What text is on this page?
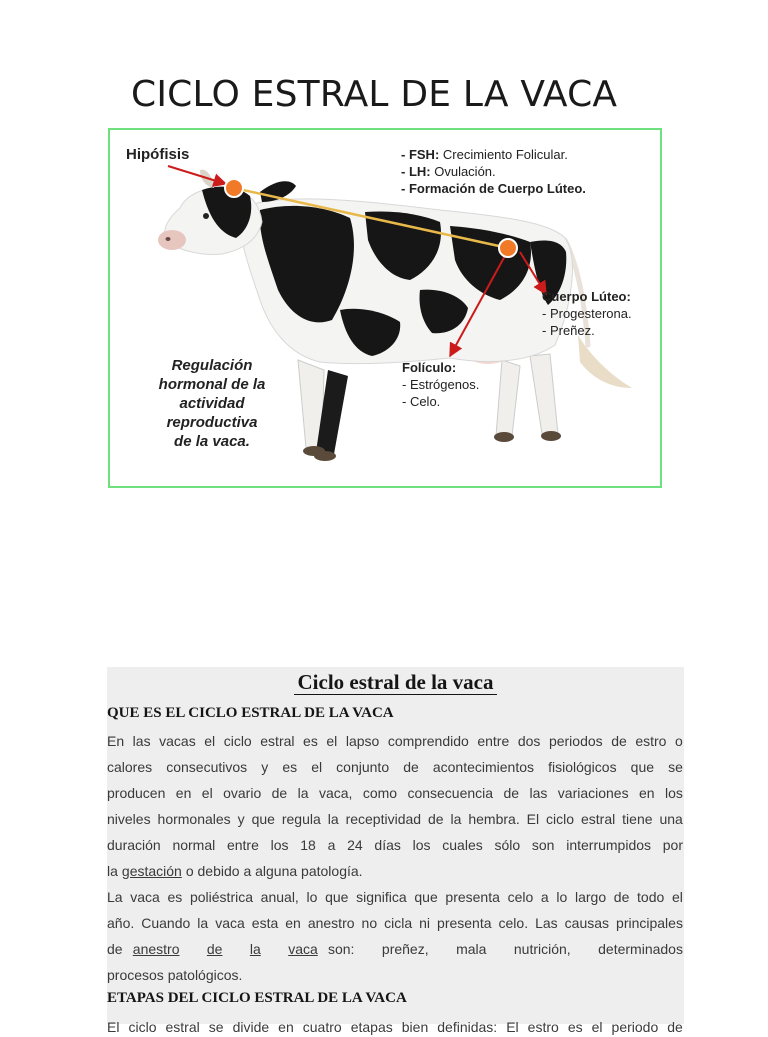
CICLO ESTRAL DE LA VACA
Hipófisis	- FSH: Crecimiento Folicular.
- LH: Ovulación.
- Formación de Cuerpo Lúteo.
Cuerpo Lúteo:
- Progesterona.
- Preñez.
Folículo:
- Estrógenos.
- Celo.
Regulación
hormonal de la
actividad
reproductiva
de la vaca.
Ciclo estral de la vaca
QUE ES EL CICLO ESTRAL DE LA VACA
En las vacas el ciclo estral es el lapso comprendido entre dos periodos de estro o
calores consecutivos y es el conjunto de acontecimientos fisiológicos que se
producen en el ovario de la vaca, como consecuencia de las variaciones en los
niveles hormonales y que regula la receptividad de la hembra. El ciclo estral tiene una
duración normal entre los 18 a 24 días los cuales sólo son interrumpidos por
la gestación o debido a alguna patología.
La vaca es poliéstrica anual, lo que significa que presenta celo a lo largo de todo el
año. Cuando la vaca esta en anestro no cicla ni presenta celo. Las causas principales
de anestro de la vaca son: preñez, mala nutrición, determinados
procesos patológicos.
ETAPAS DEL CICLO ESTRAL DE LA VACA
El ciclo estral se divide en cuatro etapas bien definidas: El estro es el periodo de
